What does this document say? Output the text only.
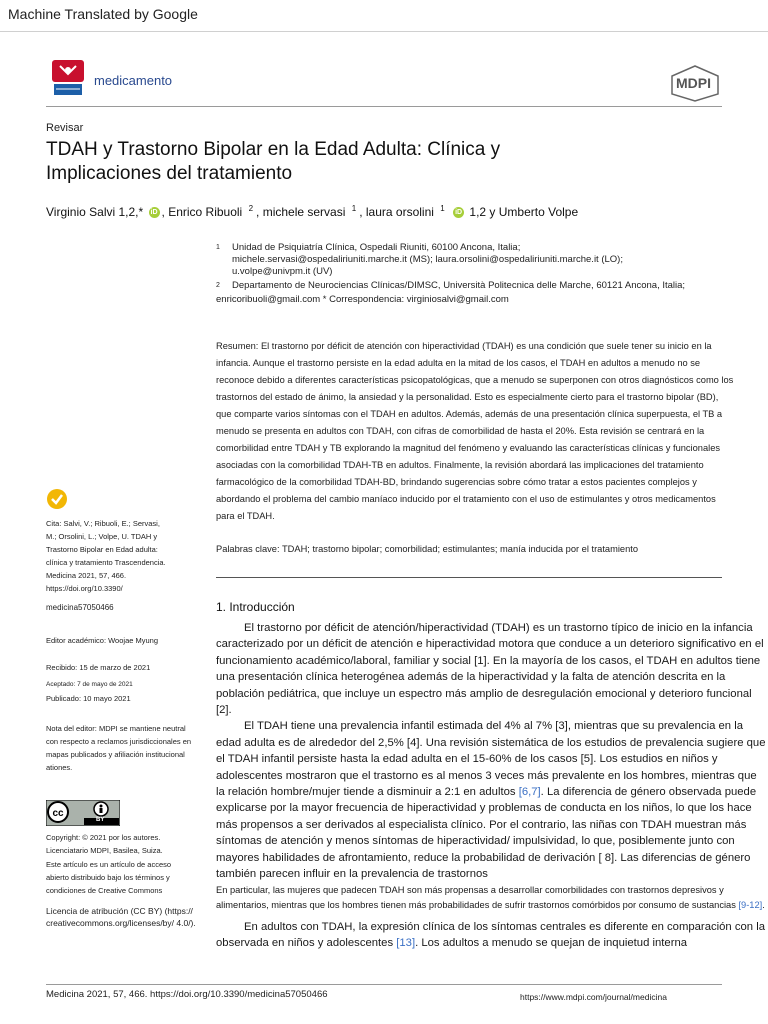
Machine Translated by Google
medicamento	MDPI
Revisar
TDAH y Trastorno Bipolar en la Edad Adulta: Clínica y Implicaciones del tratamiento
Virginio Salvi 1,2,* iD , Enrico Ribuoli $^2$ , michele servasi $^1$ , laura orsolini $^1$ iD 1,2 y Umberto Volpe
1	Unidad de Psiquiatría Clínica, Ospedali Riuniti, 60100 Ancona, Italia; michele.servasi@ospedaliriuniti.marche.it (MS); laura.orsolini@ospedaliriuniti.marche.it (LO); u.volpe@univpm.it (UV)
2	Departamento de Neurociencias Clínicas/DIMSC, Università Politecnica delle Marche, 60121 Ancona, Italia;
enricoribuoli@gmail.com * Correspondencia: virginiosalvi@gmail.com
Resumen: El trastorno por déficit de atención con hiperactividad (TDAH) es una condición que suele tener su inicio en la infancia. Aunque el trastorno persiste en la edad adulta en la mitad de los casos, el TDAH en adultos a menudo no se reconoce debido a diferentes características psicopatológicas, que a menudo se superponen con otros diagnósticos como los trastornos del estado de ánimo, la ansiedad y la personalidad. Esto es especialmente cierto para el trastorno bipolar (BD), que comparte varios síntomas con el TDAH en adultos. Además, además de una presentación clínica superpuesta, el TB a menudo se presenta en adultos con TDAH, con cifras de comorbilidad de hasta el 20%. Esta revisión se centrará en la comorbilidad entre TDAH y TB explorando la magnitud del fenómeno y evaluando las características clínicas y funcionales asociadas con la comorbilidad TDAH-TB en adultos. Finalmente, la revisión abordará las implicaciones del tratamiento farmacológico de la comorbilidad TDAH-BD, brindando sugerencias sobre cómo tratar a estos pacientes complejos y abordando el problema del cambio maníaco inducido por el tratamiento con el uso de estimulantes y otros medicamentos para el TDAH.
Palabras clave: TDAH; trastorno bipolar; comorbilidad; estimulantes; manía inducida por el tratamiento
Cita: Salvi, V.; Ribuoli, E.; Servasi, M.; Orsolini, L.; Volpe, U. TDAH y Trastorno Bipolar en Edad adulta: clínica y tratamiento Trascendencia. Medicina 2021, 57, 466. https://doi.org/10.3390/
medicina57050466
Editor académico: Woojae Myung
Recibido: 15 de marzo de 2021
Aceptado: 7 de mayo de 2021
Publicado: 10 mayo 2021
Nota del editor: MDPI se mantiene neutral con respecto a reclamos jurisdiccionales en mapas publicados y afiliación institucional ationes.
cc
BY
Copyright: © 2021 por los autores. Licenciatario MDPI, Basilea, Suiza.
Este artículo es un artículo de acceso abierto distribuido bajo los términos y condiciones de Creative Commons
Licencia de atribución (CC BY) (https:// creativecommons.org/licenses/by/ 4.0/).
1. Introducción

El trastorno por déficit de atención/hiperactividad (TDAH) es un trastorno típico de inicio en la infancia caracterizado por un déficit de atención e hiperactividad motora que conduce a un deterioro significativo en el funcionamiento académico/laboral, familiar y social [1]. En la mayoría de los casos, el TDAH en adultos tiene una presentación clínica heterogénea además de la hiperactividad y la falta de atención descrita en la población pediátrica, que incluye un espectro más amplio de desregulación emocional y deterioro funcional [2].

El TDAH tiene una prevalencia infantil estimada del 4% al 7% [3], mientras que su prevalencia en la edad adulta es de alrededor del 2,5% [4]. Una revisión sistemática de los estudios de prevalencia sugiere que el TDAH infantil persiste hasta la edad adulta en el 15-60% de los casos [5]. Los estudios en niños y adolescentes mostraron que el trastorno es al menos 3 veces más prevalente en los hombres, mientras que la relación hombre/mujer tiende a disminuir a 2:1 en adultos [6,7]. La diferencia de género observada puede explicarse por la mayor frecuencia de hiperactividad y problemas de conducta en los niños, lo que los hace más propensos a ser derivados al especialista clínico. Por el contrario, las niñas con TDAH muestran más síntomas de atención y menos síntomas de hiperactividad/ impulsividad, lo que, posiblemente junto con mayores habilidades de afrontamiento, reduce la probabilidad de derivación [ 8]. Las diferencias de género también parecen influir en la prevalencia de trastornos

En particular, las mujeres que padecen TDAH son más propensas a desarrollar comorbilidades con trastornos depresivos y alimentarios, mientras que los hombres tienen más probabilidades de sufrir trastornos comórbidos por consumo de sustancias [9-12].

En adultos con TDAH, la expresión clínica de los síntomas centrales es diferente en comparación con la observada en niños y adolescentes [13]. Los adultos a menudo se quejan de inquietud interna

Medicina 2021, 57, 466. https://doi.org/10.3390/medicina57050466	https://www.mdpi.com/journal/medicina
